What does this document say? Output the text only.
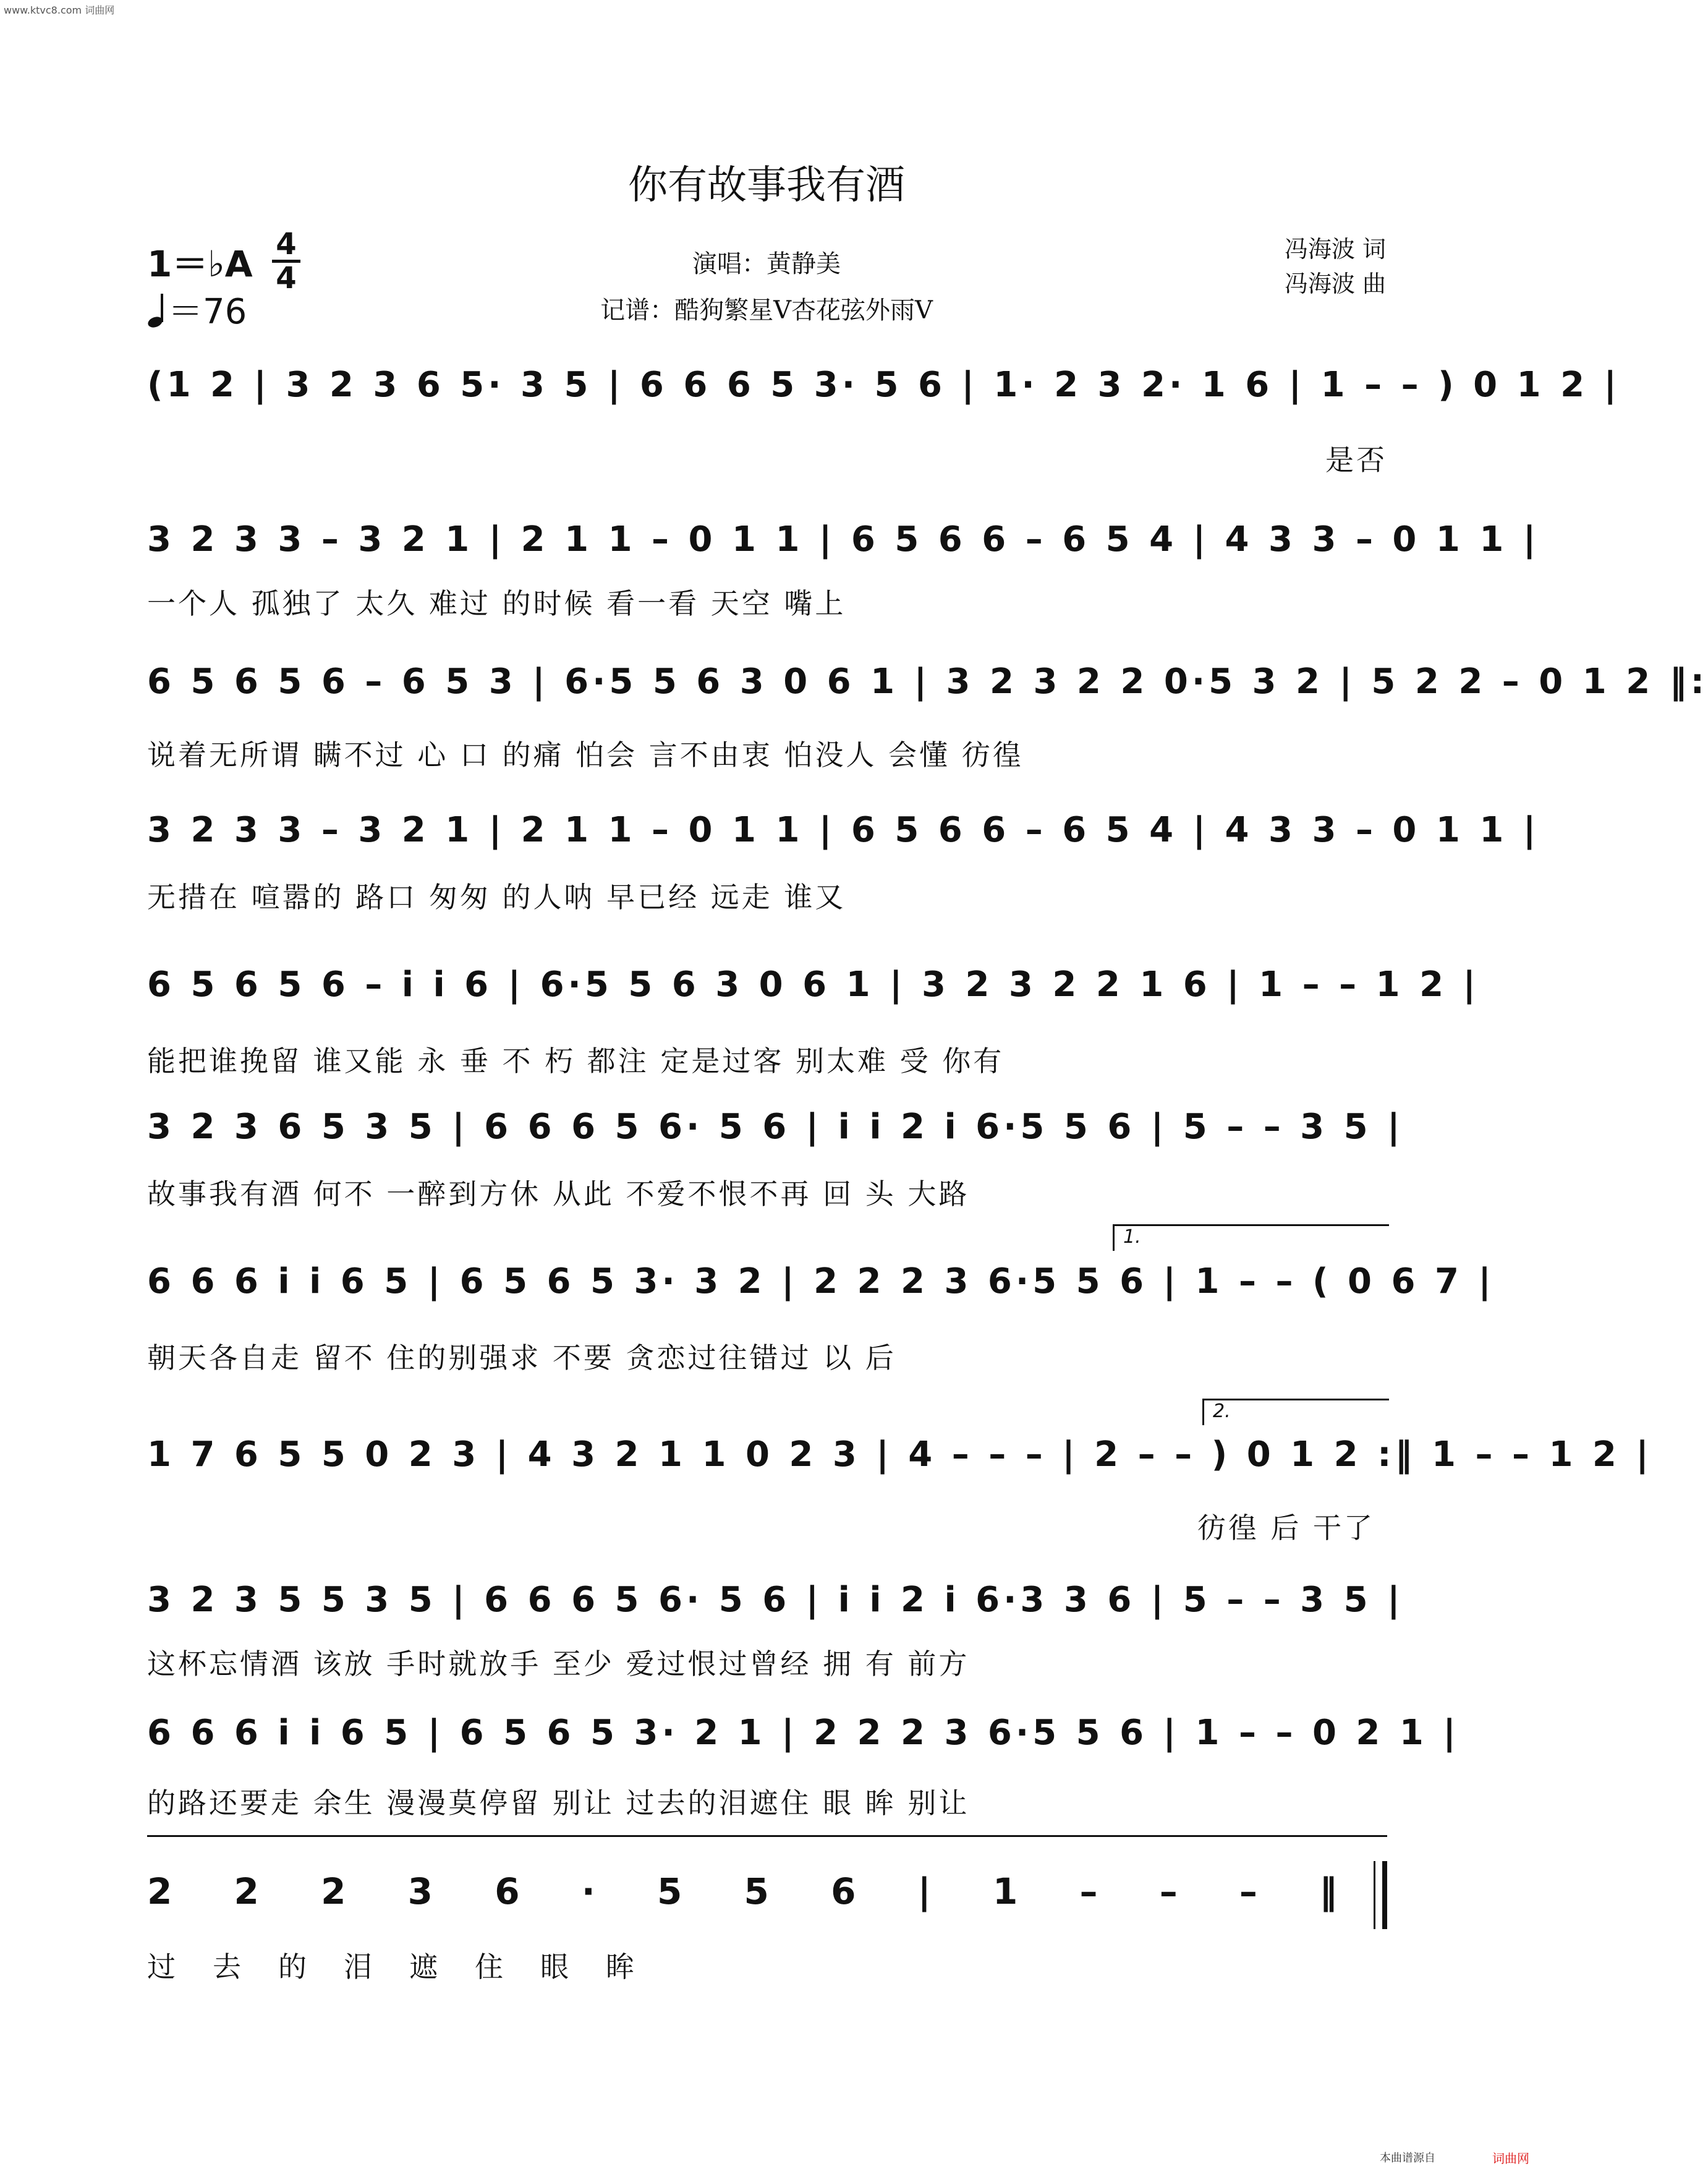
www.ktvc8.com 词曲网
你有故事我有酒
1＝♭A 4
4
＝76
演唱：黄静美
记谱：酷狗繁星V杏花弦外雨V
冯海波 词
冯海波 曲
(1 2 | 3 2 3 6 5· 3 5 | 6 6 6 5 3· 5 6 | 1· 2 3 2· 1 6 | 1 – – ) 0 1 2 |
是否
3 2 3 3 – 3 2 1 | 2 1 1 – 0 1 1 | 6 5 6 6 – 6 5 4 | 4 3 3 – 0 1 1 |
一个人 孤独了 太久 难过 的时候 看一看 天空 嘴上
6 5 6 5 6 – 6 5 3 | 6·5 5 6 3 0 6 1 | 3 2 3 2 2 0·5 3 2 | 5 2 2 – 0 1 2 ‖:
说着无所谓 瞒不过 心 口 的痛 怕会 言不由衷 怕没人 会懂 彷徨
3 2 3 3 – 3 2 1 | 2 1 1 – 0 1 1 | 6 5 6 6 – 6 5 4 | 4 3 3 – 0 1 1 |
无措在 喧嚣的 路口 匆匆 的人呐 早已经 远走 谁又
6 5 6 5 6 – i i 6 | 6·5 5 6 3 0 6 1 | 3 2 3 2 2 1 6 | 1 – – 1 2 |
能把谁挽留 谁又能 永 垂 不 朽 都注 定是过客 别太难 受 你有
3 2 3 6 5 3 5 | 6 6 6 5 6· 5 6 | i i 2 i 6·5 5 6 | 5 – – 3 5 |
故事我有酒 何不 一醉到方休 从此 不爱不恨不再 回 头 大路
1.
6 6 6 i i 6 5 | 6 5 6 5 3· 3 2 | 2 2 2 3 6·5 5 6 | 1 – – ( 0 6 7 |
朝天各自走 留不 住的别强求 不要 贪恋过往错过 以 后
2.
1 7 6 5 5 0 2 3 | 4 3 2 1 1 0 2 3 | 4 – – – | 2 – – ) 0 1 2 :‖ 1 – – 1 2 |
彷徨 后 干了
3 2 3 5 5 3 5 | 6 6 6 5 6· 5 6 | i i 2 i 6·3 3 6 | 5 – – 3 5 |
这杯忘情酒 该放 手时就放手 至少 爱过恨过曾经 拥 有 前方
6 6 6 i i 6 5 | 6 5 6 5 3· 2 1 | 2 2 2 3 6·5 5 6 | 1 – – 0 2 1 |
的路还要走 余生 漫漫莫停留 别让 过去的泪遮住 眼 眸 别让
2 2 2 3 6 · 5 5 6 | 1 – – – ‖
过去的泪遮住眼眸
本曲谱源自	词曲网
